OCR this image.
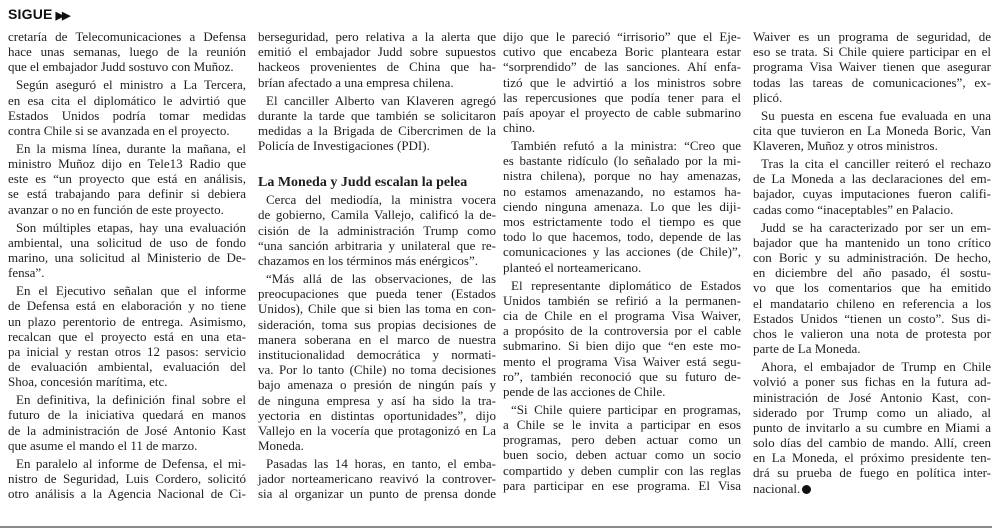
SIGUE ▶▶
cretaría de Telecomunicaciones a Defensa
hace unas semanas, luego de la reunión
que el embajador Judd sostuvo con Muñoz.
Según aseguró el ministro a La Tercera,
en esa cita el diplomático le advirtió que
Estados Unidos podría tomar medidas
contra Chile si se avanzada en el proyecto.
En la misma línea, durante la mañana, el
ministro Muñoz dijo en Tele13 Radio que
este es “un proyecto que está en análisis,
se está trabajando para definir si debiera
avanzar o no en función de este proyecto.
Son múltiples etapas, hay una evaluación
ambiental, una solicitud de uso de fondo
marino, una solicitud al Ministerio de De-
fensa”.
En el Ejecutivo señalan que el informe
de Defensa está en elaboración y no tiene
un plazo perentorio de entrega. Asimismo,
recalcan que el proyecto está en una eta-
pa inicial y restan otros 12 pasos: servicio
de evaluación ambiental, evaluación del
Shoa, concesión marítima, etc.
En definitiva, la definición final sobre el
futuro de la iniciativa quedará en manos
de la administración de José Antonio Kast
que asume el mando el 11 de marzo.
En paralelo al informe de Defensa, el mi-
nistro de Seguridad, Luis Cordero, solicitó
otro análisis a la Agencia Nacional de Ci-
berseguridad, pero relativa a la alerta que
emitió el embajador Judd sobre supuestos
hackeos provenientes de China que ha-
brían afectado a una empresa chilena.
El canciller Alberto van Klaveren agregó
durante la tarde que también se solicitaron
medidas a la Brigada de Cibercrimen de la
Policía de Investigaciones (PDI).
La Moneda y Judd escalan la pelea
Cerca del mediodía, la ministra vocera
de gobierno, Camila Vallejo, calificó la de-
cisión de la administración Trump como
“una sanción arbitraria y unilateral que re-
chazamos en los términos más enérgicos”.
“Más allá de las observaciones, de las
preocupaciones que pueda tener (Estados
Unidos), Chile que si bien las toma en con-
sideración, toma sus propias decisiones de
manera soberana en el marco de nuestra
institucionalidad democrática y normati-
va. Por lo tanto (Chile) no toma decisiones
bajo amenaza o presión de ningún país y
de ninguna empresa y así ha sido la tra-
yectoria en distintas oportunidades”, dijo
Vallejo en la vocería que protagonizó en La
Moneda.
Pasadas las 14 horas, en tanto, el emba-
jador norteamericano reavivó la controver-
sia al organizar un punto de prensa donde
dijo que le pareció “irrisorio” que el Eje-
cutivo que encabeza Boric planteara estar
“sorprendido” de las sanciones. Ahí enfa-
tizó que le advirtió a los ministros sobre
las repercusiones que podía tener para el
país apoyar el proyecto de cable submarino
chino.
También refutó a la ministra: “Creo que
es bastante ridículo (lo señalado por la mi-
nistra chilena), porque no hay amenazas,
no estamos amenazando, no estamos ha-
ciendo ninguna amenaza. Lo que les diji-
mos estrictamente todo el tiempo es que
todo lo que hacemos, todo, depende de las
comunicaciones y las acciones (de Chile)”,
planteó el norteamericano.
El representante diplomático de Estados
Unidos también se refirió a la permanen-
cia de Chile en el programa Visa Waiver,
a propósito de la controversia por el cable
submarino. Si bien dijo que “en este mo-
mento el programa Visa Waiver está segu-
ro”, también reconoció que su futuro de-
pende de las acciones de Chile.
“Si Chile quiere participar en programas,
a Chile se le invita a participar en esos
programas, pero deben actuar como un
buen socio, deben actuar como un socio
compartido y deben cumplir con las reglas
para participar en ese programa. El Visa
Waiver es un programa de seguridad, de
eso se trata. Si Chile quiere participar en el
programa Visa Waiver tienen que asegurar
todas las tareas de comunicaciones”, ex-
plicó.
Su puesta en escena fue evaluada en una
cita que tuvieron en La Moneda Boric, Van
Klaveren, Muñoz y otros ministros.
Tras la cita el canciller reiteró el rechazo
de La Moneda a las declaraciones del em-
bajador, cuyas imputaciones fueron califi-
cadas como “inaceptables” en Palacio.
Judd se ha caracterizado por ser un em-
bajador que ha mantenido un tono crítico
con Boric y su administración. De hecho,
en diciembre del año pasado, él sostu-
vo que los comentarios que ha emitido
el mandatario chileno en referencia a los
Estados Unidos “tienen un costo”. Sus di-
chos le valieron una nota de protesta por
parte de La Moneda.
Ahora, el embajador de Trump en Chile
volvió a poner sus fichas en la futura ad-
ministración de José Antonio Kast, con-
siderado por Trump como un aliado, al
punto de invitarlo a su cumbre en Miami a
solo días del cambio de mando. Allí, creen
en La Moneda, el próximo presidente ten-
drá su prueba de fuego en política inter-
nacional.
